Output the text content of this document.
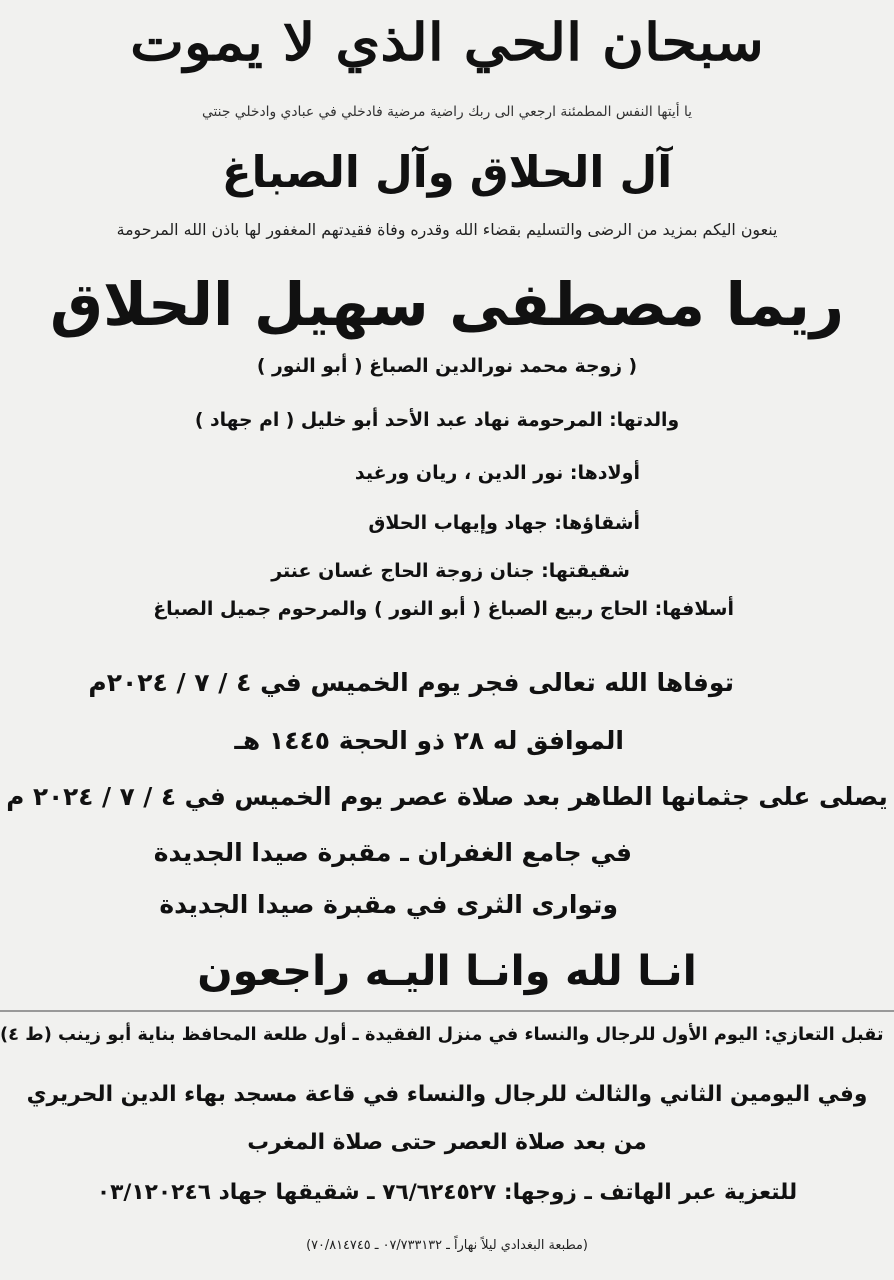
سبحان الحي الذي لا يموت
يا أيتها النفس المطمئنة ارجعي الى ربك راضية مرضية فادخلي في عبادي وادخلي جنتي
آل الحلاق وآل الصباغ
ينعون اليكم بمزيد من الرضى والتسليم بقضاء الله وقدره وفاة فقيدتهم المغفور لها باذن الله المرحومة
ريما مصطفى سهيل الحلاق
( زوجة محمد نورالدين الصباغ ( أبو النور )
والدتها: المرحومة نهاد عبد الأحد أبو خليل ( ام جهاد )
أولادها: نور الدين ، ريان ورغيد
أشقاؤها: جهاد وإيهاب الحلاق
شقيقتها: جنان زوجة الحاج غسان عنتر
أسلافها: الحاج ربيع الصباغ ( أبو النور ) والمرحوم جميل الصباغ
توفاها الله تعالى فجر يوم الخميس في ٤ / ٧ / ٢٠٢٤م
الموافق له ٢٨ ذو الحجة ١٤٤٥ هـ
يصلى على جثمانها الطاهر بعد صلاة عصر يوم الخميس في ٤ / ٧ / ٢٠٢٤ م
في جامع الغفران ـ مقبرة صيدا الجديدة
وتوارى الثرى في مقبرة صيدا الجديدة
انـا لله وانـا اليـه راجعون
تقبل التعازي: اليوم الأول للرجال والنساء في منزل الفقيدة ـ أول طلعة المحافظ بناية أبو زينب (ط ٤)
وفي اليومين الثاني والثالث للرجال والنساء في قاعة مسجد بهاء الدين الحريري
من بعد صلاة العصر حتى صلاة المغرب
للتعزية عبر الهاتف ـ زوجها: ٧٦/٦٢٤٥٢٧ ـ شقيقها جهاد ٠٣/١٢٠٢٤٦
(مطبعة البغدادي ليلاً نهاراً ـ ٠٧/٧٣٣١٣٢ ـ ٧٠/٨١٤٧٤٥)
